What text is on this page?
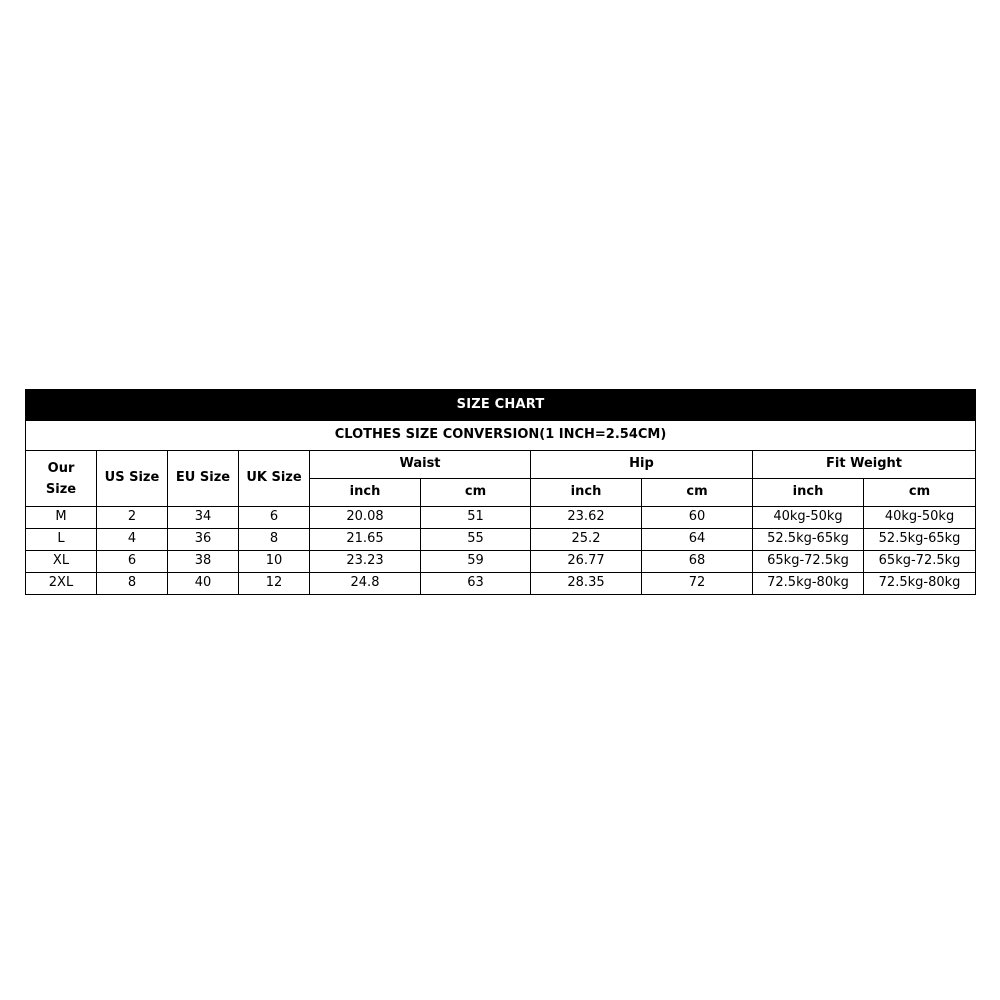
SIZE CHART									
CLOTHES SIZE CONVERSION(1 INCH=2.54CM)									
Our
Size	US Size	EU Size	UK Size	Waist		Hip		Fit Weight	
				inch	cm	inch	cm	inch	cm
M	2	34	6	20.08	51	23.62	60	40kg-50kg	40kg-50kg
L	4	36	8	21.65	55	25.2	64	52.5kg-65kg	52.5kg-65kg
XL	6	38	10	23.23	59	26.77	68	65kg-72.5kg	65kg-72.5kg
2XL	8	40	12	24.8	63	28.35	72	72.5kg-80kg	72.5kg-80kg
